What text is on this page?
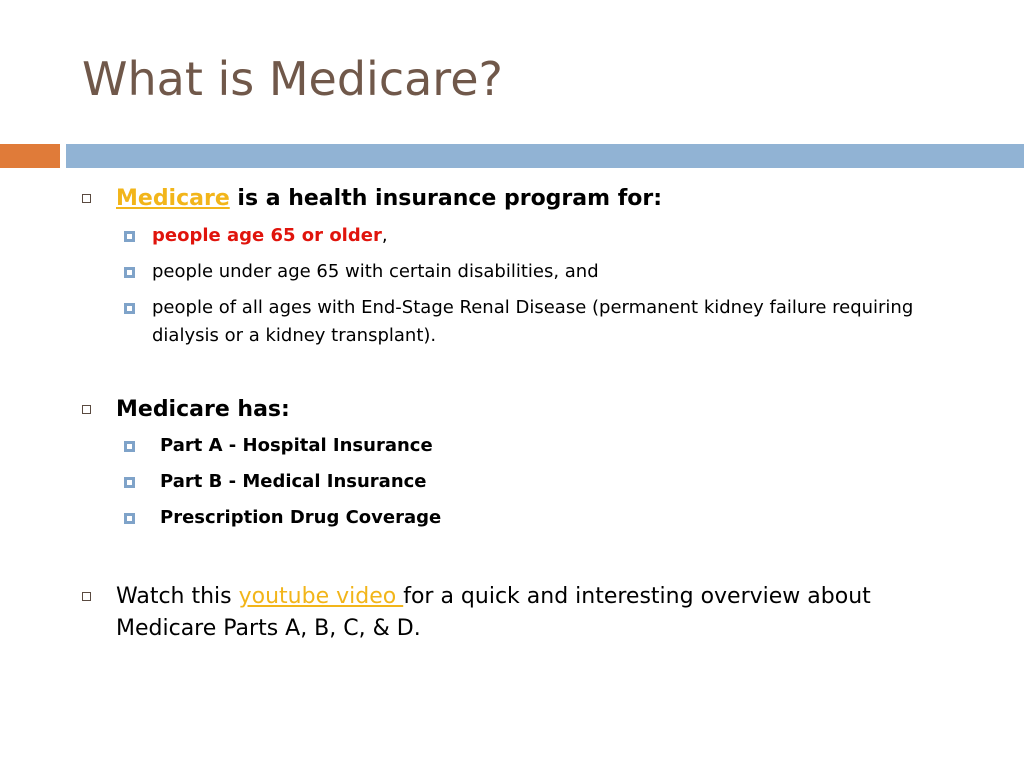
What is Medicare?
Medicare is a health insurance program for:
people age 65 or older,
people under age 65 with certain disabilities, and
people of all ages with End-Stage Renal Disease (permanent kidney failure requiring dialysis or a kidney transplant).
Medicare has:
Part A - Hospital Insurance
Part B - Medical Insurance
Prescription Drug Coverage
Watch this youtube video for a quick and interesting overview about Medicare Parts A, B, C, & D.
